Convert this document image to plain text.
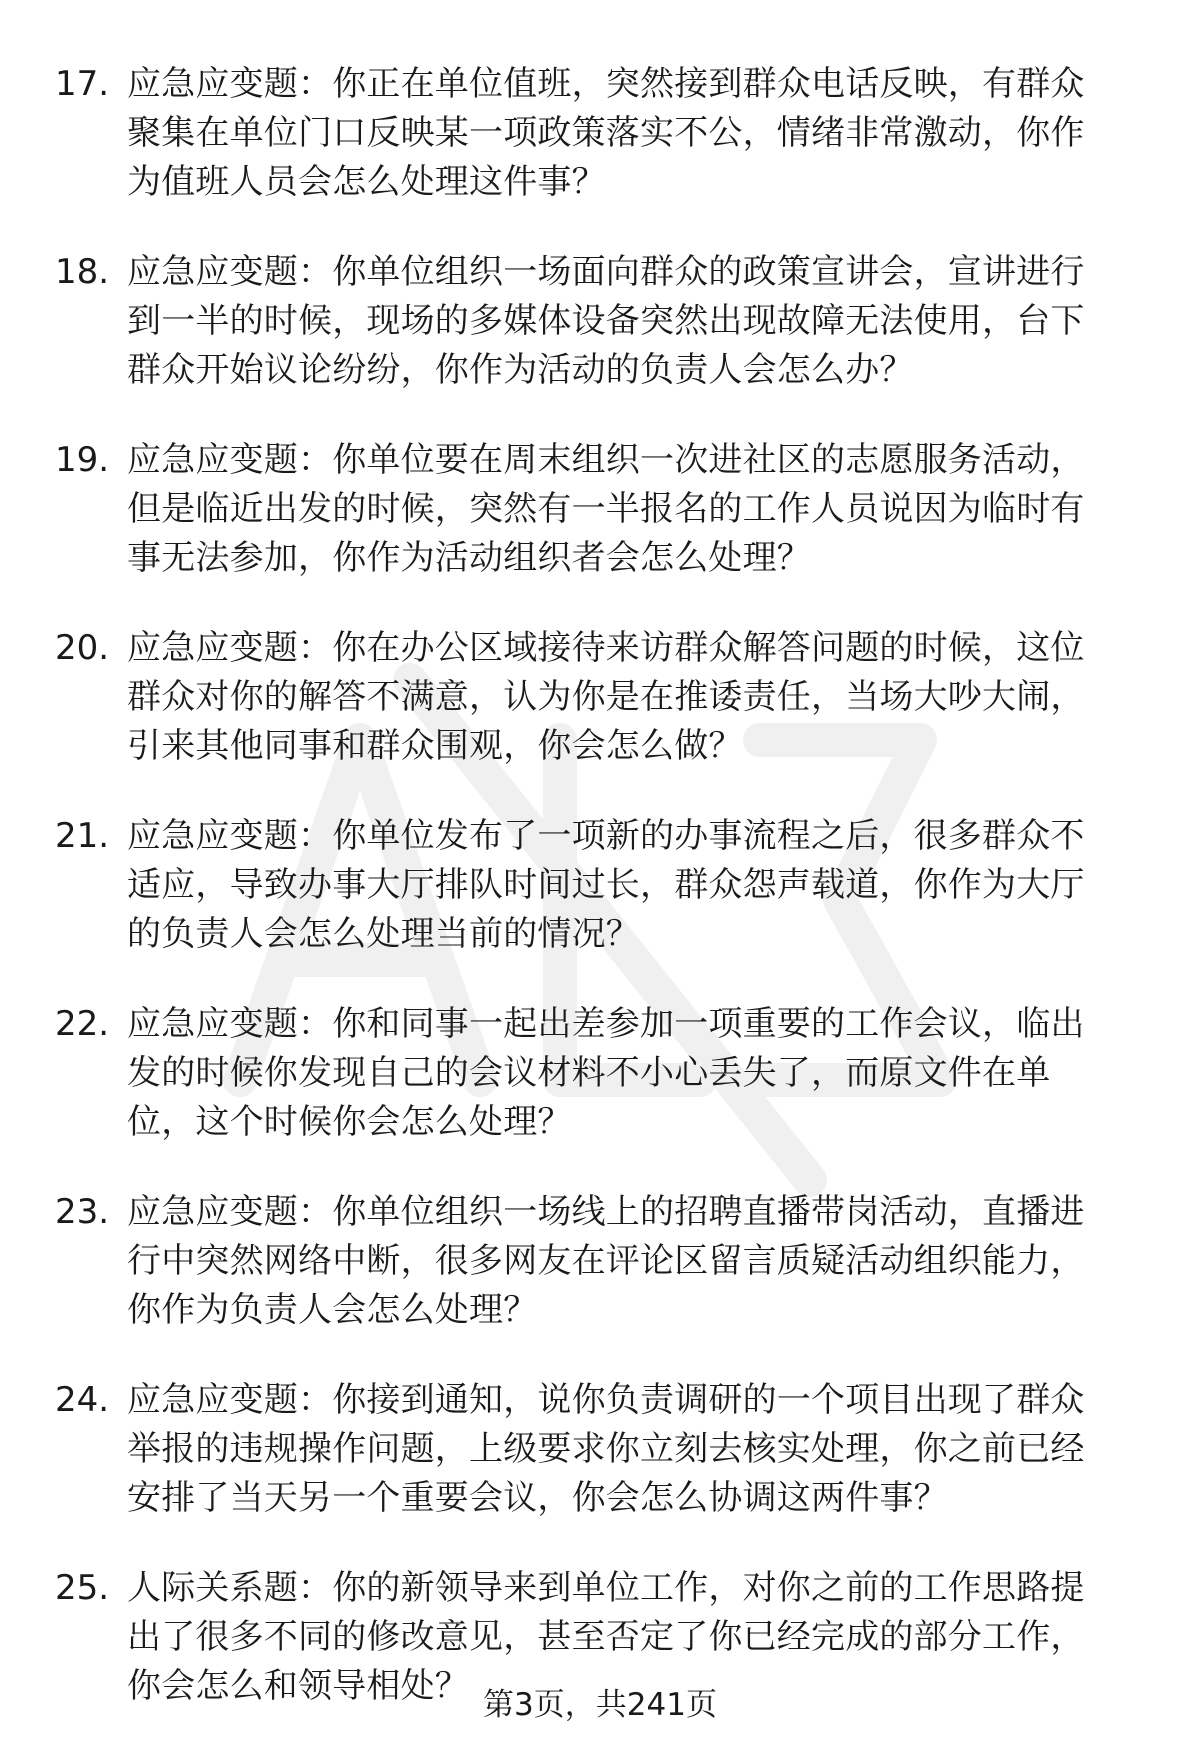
17. 应急应变题：你正在单位值班，突然接到群众电话反映，有群众
聚集在单位门口反映某一项政策落实不公，情绪非常激动，你作
为值班人员会怎么处理这件事？
18. 应急应变题：你单位组织一场面向群众的政策宣讲会，宣讲进行
到一半的时候，现场的多媒体设备突然出现故障无法使用，台下
群众开始议论纷纷，你作为活动的负责人会怎么办？
19. 应急应变题：你单位要在周末组织一次进社区的志愿服务活动，
但是临近出发的时候，突然有一半报名的工作人员说因为临时有
事无法参加，你作为活动组织者会怎么处理？
20. 应急应变题：你在办公区域接待来访群众解答问题的时候，这位
群众对你的解答不满意，认为你是在推诿责任，当场大吵大闹，
引来其他同事和群众围观，你会怎么做？
21. 应急应变题：你单位发布了一项新的办事流程之后，很多群众不
适应，导致办事大厅排队时间过长，群众怨声载道，你作为大厅
的负责人会怎么处理当前的情况？
22. 应急应变题：你和同事一起出差参加一项重要的工作会议，临出
发的时候你发现自己的会议材料不小心丢失了，而原文件在单
位，这个时候你会怎么处理？
23. 应急应变题：你单位组织一场线上的招聘直播带岗活动，直播进
行中突然网络中断，很多网友在评论区留言质疑活动组织能力，
你作为负责人会怎么处理？
24. 应急应变题：你接到通知，说你负责调研的一个项目出现了群众
举报的违规操作问题，上级要求你立刻去核实处理，你之前已经
安排了当天另一个重要会议，你会怎么协调这两件事？
25. 人际关系题：你的新领导来到单位工作，对你之前的工作思路提
出了很多不同的修改意见，甚至否定了你已经完成的部分工作，
你会怎么和领导相处？ 第3页，共241页
